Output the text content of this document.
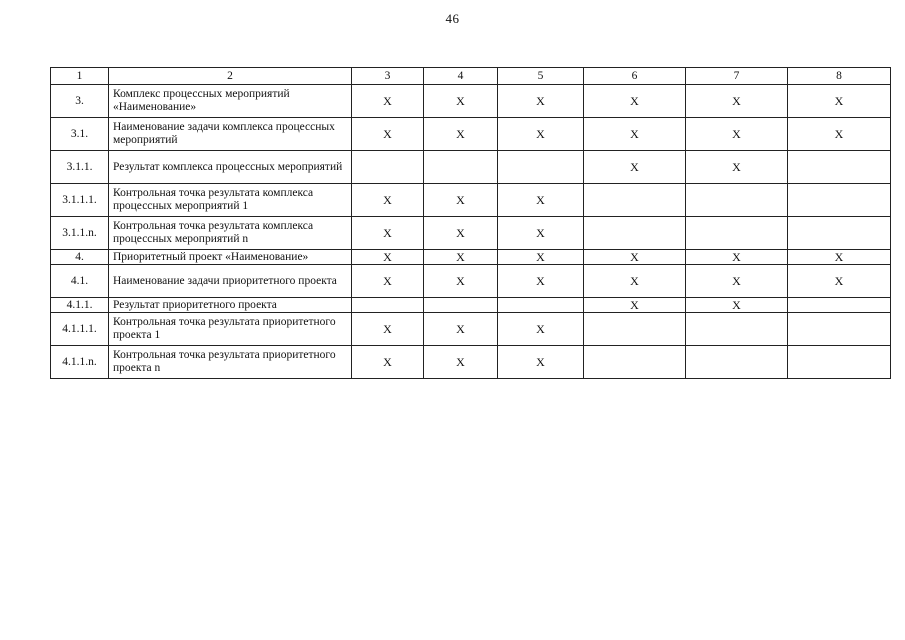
46
1	2	3	4	5	6	7	8
3.	Комплекс процессных мероприятий «Наименование»	X	X	X	X	X	X
3.1.	Наименование задачи комплекса процессных мероприятий	X	X	X	X	X	X
3.1.1.	Результат комплекса процессных мероприятий				X	X	
3.1.1.1.	Контрольная точка результата комплекса процессных мероприятий 1	X	X	X			
3.1.1.n.	Контрольная точка результата комплекса процессных мероприятий n	X	X	X			
4.	Приоритетный проект «Наименование»	X	X	X	X	X	X
4.1.	Наименование задачи приоритетного проекта	X	X	X	X	X	X
4.1.1.	Результат приоритетного проекта				X	X	
4.1.1.1.	Контрольная точка результата приоритетного проекта 1	X	X	X			
4.1.1.n.	Контрольная точка результата приоритетного проекта n	X	X	X			
